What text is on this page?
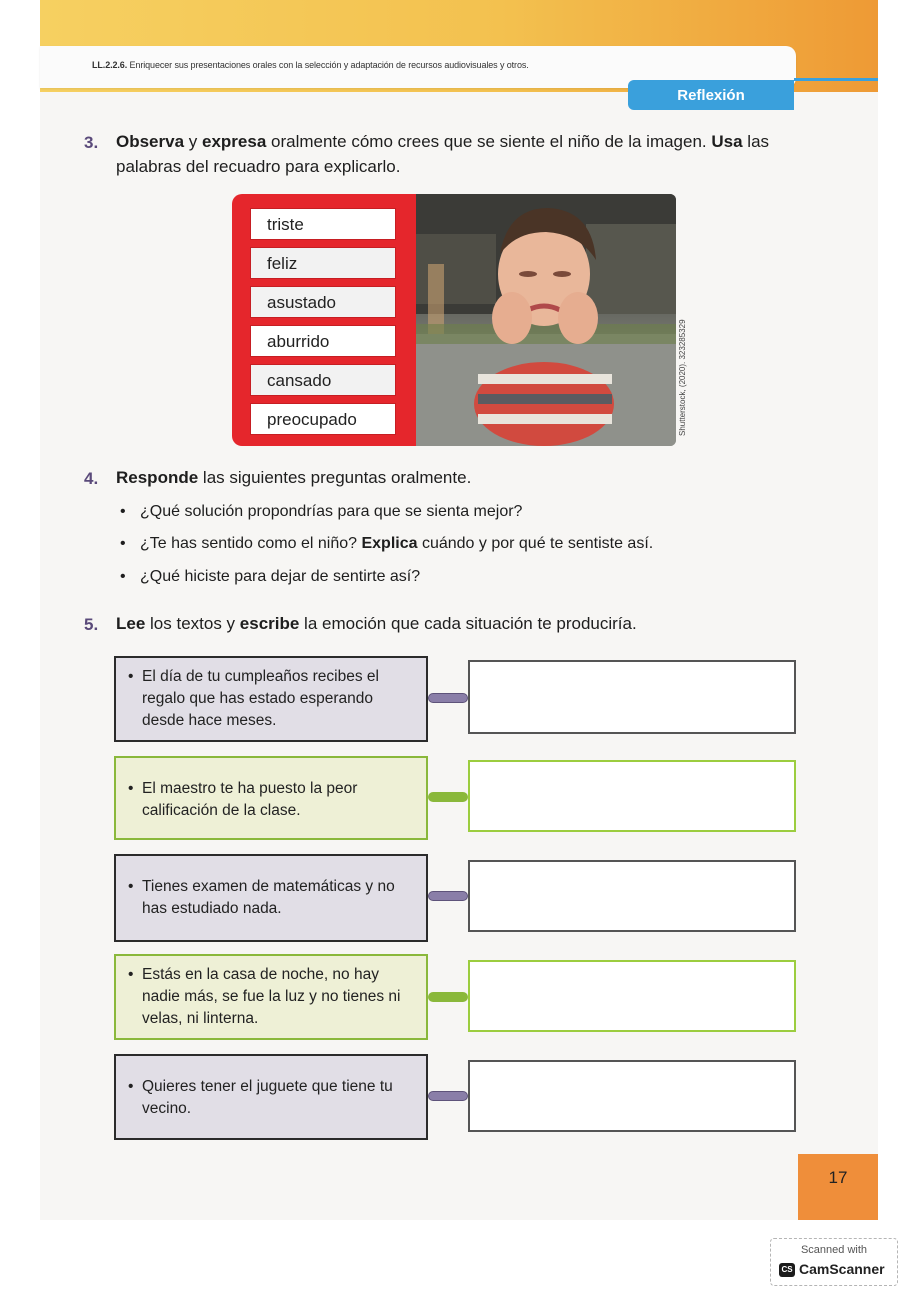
LL.2.2.6. Enriquecer sus presentaciones orales con la selección y adaptación de recursos audiovisuales y otros.
Reflexión
3. Observa y expresa oralmente cómo crees que se siente el niño de la imagen. Usa las
palabras del recuadro para explicarlo.
triste
feliz
asustado
aburrido
cansado
preocupado	Shutterstock, (2020). 323285329
4. Responde las siguientes preguntas oralmente.
• ¿Qué solución propondrías para que se sienta mejor?
• ¿Te has sentido como el niño? Explica cuándo y por qué te sentiste así.
• ¿Qué hiciste para dejar de sentirte así?
5. Lee los textos y escribe la emoción que cada situación te produciría.
• El día de tu cumpleaños recibes el
regalo que has estado esperando
desde hace meses.
• El maestro te ha puesto la peor
calificación de la clase.
• Tienes examen de matemáticas y no
has estudiado nada.
• Estás en la casa de noche, no hay
nadie más, se fue la luz y no tienes ni
velas, ni linterna.
• Quieres tener el juguete que tiene tu
vecino.
17
Scanned with
CS CamScanner
